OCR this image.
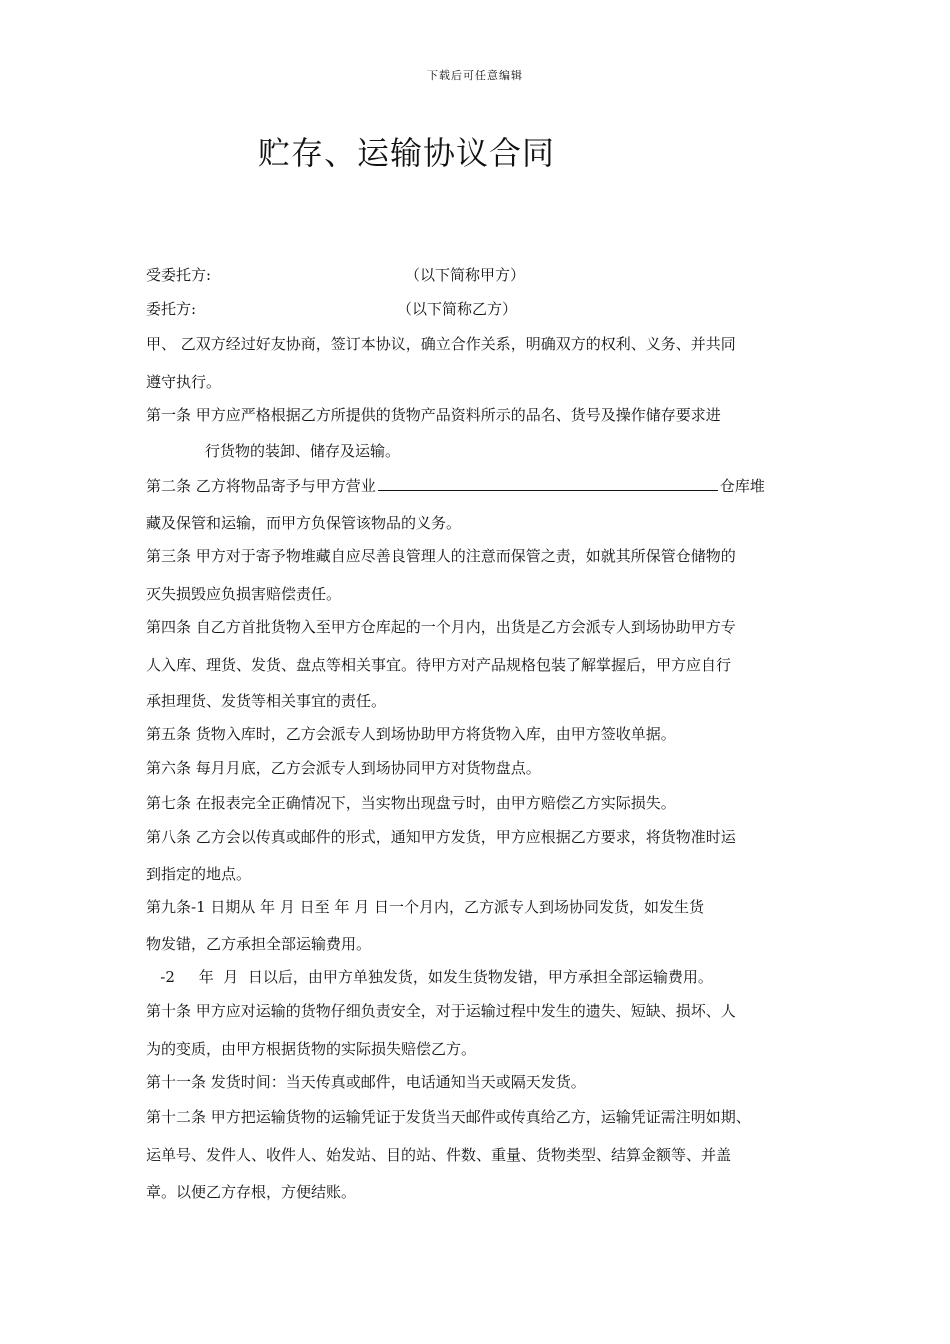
下载后可任意编辑
贮存、运输协议合同
受委托方:	（以下简称甲方）
委托方:	（以下简称乙方）
甲、 乙双方经过好友协商，签订本协议，确立合作关系，明确双方的权利、义务、并共同
遵守执行。
第一条 甲方应严格根据乙方所提供的货物产品资料所示的品名、货号及操作储存要求进
行货物的装卸、储存及运输。
第二条 乙方将物品寄予与甲方营业	仓库堆
藏及保管和运输，而甲方负保管该物品的义务。
第三条 甲方对于寄予物堆藏自应尽善良管理人的注意而保管之责，如就其所保管仓储物的
灭失损毁应负损害赔偿责任。
第四条 自乙方首批货物入至甲方仓库起的一个月内，出货是乙方会派专人到场协助甲方专
人入库、理货、发货、盘点等相关事宜。待甲方对产品规格包装了解掌握后，甲方应自行
承担理货、发货等相关事宜的责任。
第五条 货物入库时，乙方会派专人到场协助甲方将货物入库，由甲方签收单据。
第六条 每月月底，乙方会派专人到场协同甲方对货物盘点。
第七条 在报表完全正确情况下，当实物出现盘亏时，由甲方赔偿乙方实际损失。
第八条 乙方会以传真或邮件的形式，通知甲方发货，甲方应根据乙方要求，将货物准时运
到指定的地点。
第九条-1 日期从 年 月 日至 年 月 日一个月内，乙方派专人到场协同发货，如发生货
物发错，乙方承担全部运输费用。
-2     年  月  日以后，由甲方单独发货，如发生货物发错，甲方承担全部运输费用。
第十条 甲方应对运输的货物仔细负责安全，对于运输过程中发生的遗失、短缺、损坏、人
为的变质，由甲方根据货物的实际损失赔偿乙方。
第十一条 发货时间：当天传真或邮件，电话通知当天或隔天发货。
第十二条 甲方把运输货物的运输凭证于发货当天邮件或传真给乙方，运输凭证需注明如期、
运单号、发件人、收件人、始发站、目的站、件数、重量、货物类型、结算金额等、并盖
章。以便乙方存根，方便结账。
